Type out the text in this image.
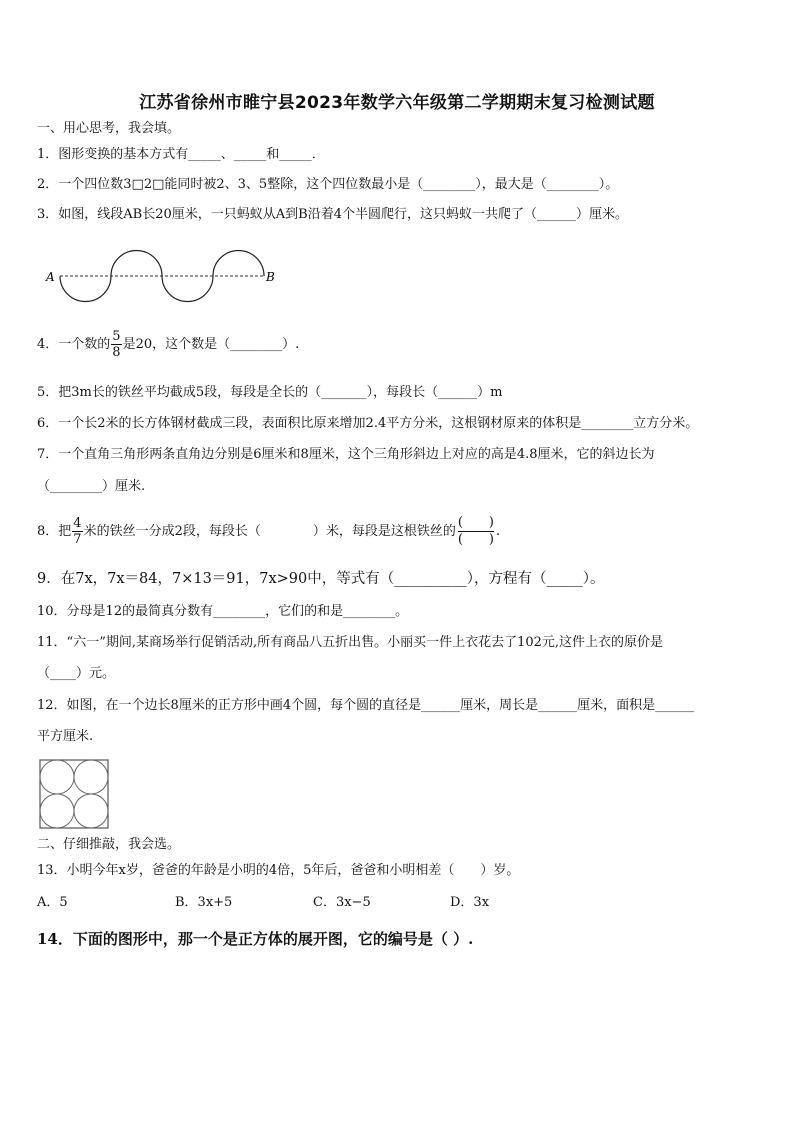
江苏省徐州市睢宁县2023年数学六年级第二学期期末复习检测试题
一、用心思考，我会填。
1．图形变换的基本方式有_____、_____和_____．
2．一个四位数3□2□能同时被2、3、5整除，这个四位数最小是（________），最大是（________）。
3．如图，线段AB长20厘米，一只蚂蚁从A到B沿着4个半圆爬行，这只蚂蚁一共爬了（______）厘米。
A	B
4．一个数的 $\frac{5}{8}$ 是20，这个数是（________）.
5．把3m长的铁丝平均截成5段，每段是全长的（_______），每段长（______）m
6．一个长2米的长方体钢材截成三段，表面积比原来增加2.4平方分米，这根钢材原来的体积是________立方分米。
7．一个直角三角形两条直角边分别是6厘米和8厘米，这个三角形斜边上对应的高是4.8厘米，它的斜边长为
（________）厘米.
8．把 $\frac{4}{7}$ 米的铁丝一分成2段，每段长（　　　　）米，每段是这根铁丝的 $\frac{( )}{( )}$ .
9．在7x，7x＝84，7×13＝91，7x>90中，等式有（__________），方程有（_____）。
10．分母是12的最简真分数有________，它们的和是________。
11．“六一”期间,某商场举行促销活动,所有商品八五折出售。小丽买一件上衣花去了102元,这件上衣的原价是
（____）元。
12．如图，在一个边长8厘米的正方形中画4个圆，每个圆的直径是______厘米，周长是______厘米，面积是______
平方厘米.
二、仔细推敲，我会选。
13．小明今年x岁，爸爸的年龄是小明的4倍，5年后，爸爸和小明相差（　　）岁。
A．5	B．3x+5	C．3x−5	D．3x
14．下面的图形中，那一个是正方体的展开图，它的编号是（ ）.
